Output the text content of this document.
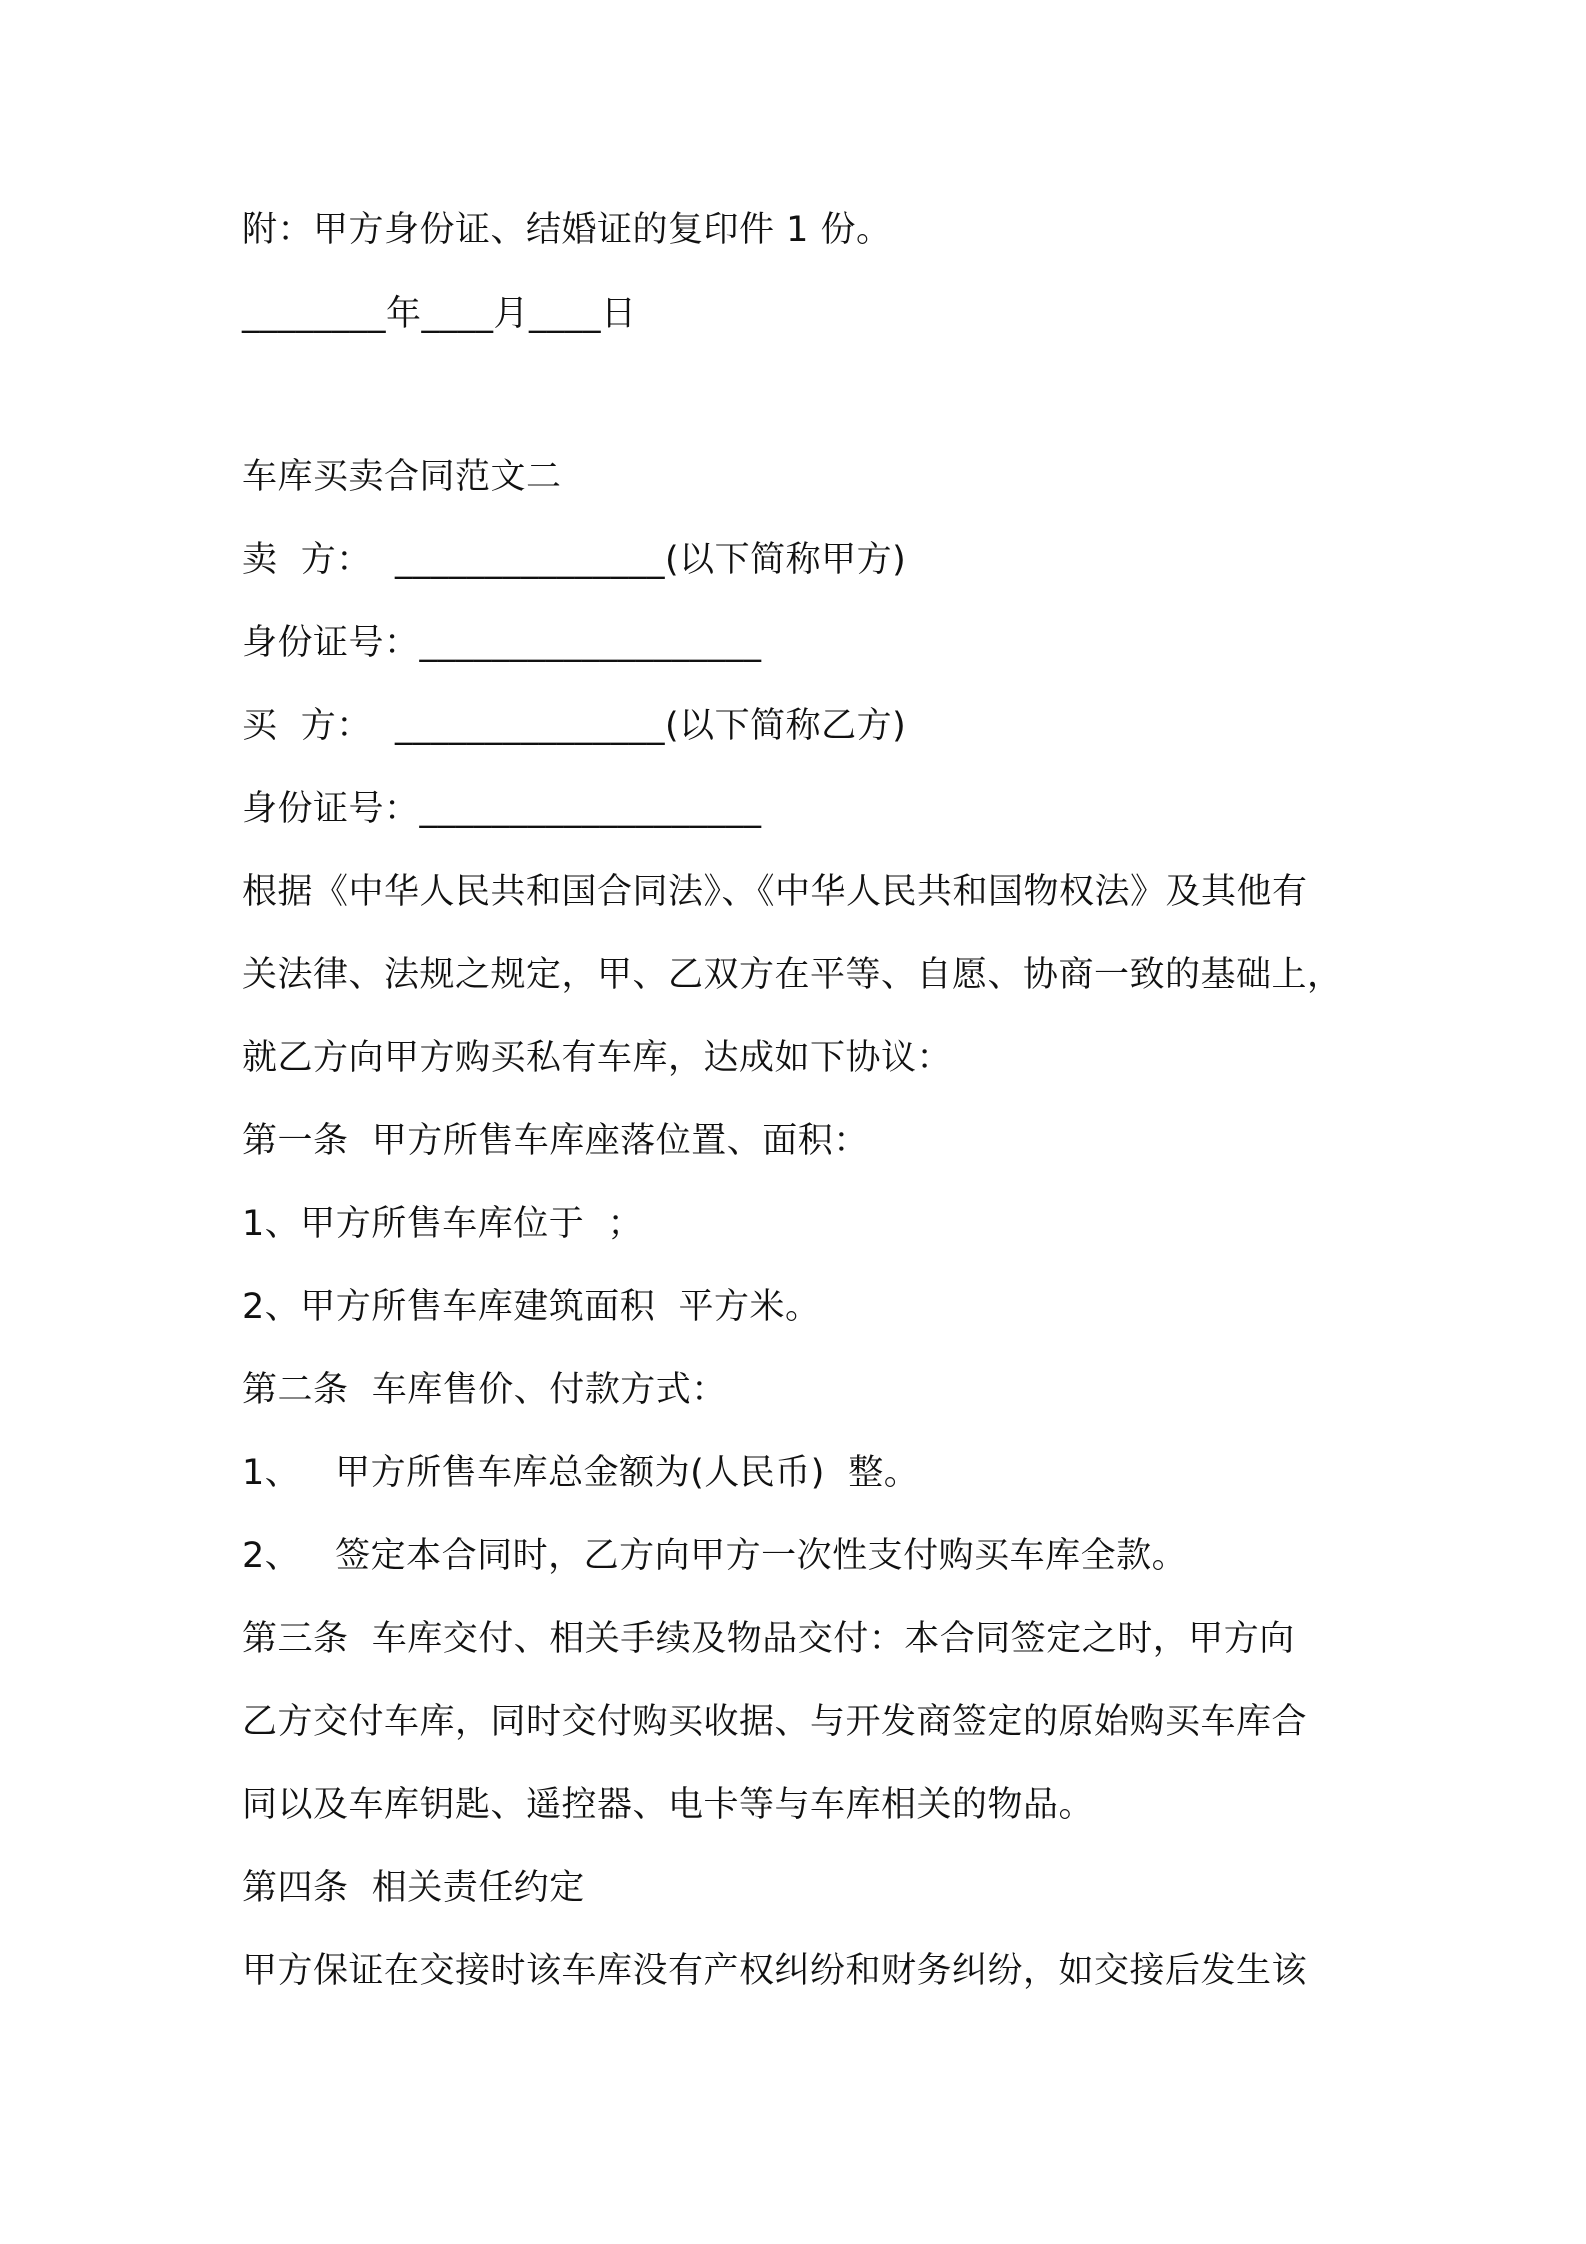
附：甲方身份证、结婚证的复印件 1 份。
________年____月____日
车库买卖合同范文二
卖  方：  _______________(以下简称甲方)
身份证号：___________________
买  方：  _______________(以下简称乙方)
身份证号：___________________
根据《中华人民共和国合同法》、《中华人民共和国物权法》及其他有
关法律、法规之规定，甲、乙双方在平等、自愿、协商一致的基础上，
就乙方向甲方购买私有车库，达成如下协议：
第一条  甲方所售车库座落位置、面积：
1、甲方所售车库位于  ；
2、甲方所售车库建筑面积  平方米。
第二条  车库售价、付款方式：
1、   甲方所售车库总金额为(人民币)  整。
2、   签定本合同时，乙方向甲方一次性支付购买车库全款。
第三条  车库交付、相关手续及物品交付：本合同签定之时，甲方向
乙方交付车库，同时交付购买收据、与开发商签定的原始购买车库合
同以及车库钥匙、遥控器、电卡等与车库相关的物品。
第四条  相关责任约定
甲方保证在交接时该车库没有产权纠纷和财务纠纷，如交接后发生该
